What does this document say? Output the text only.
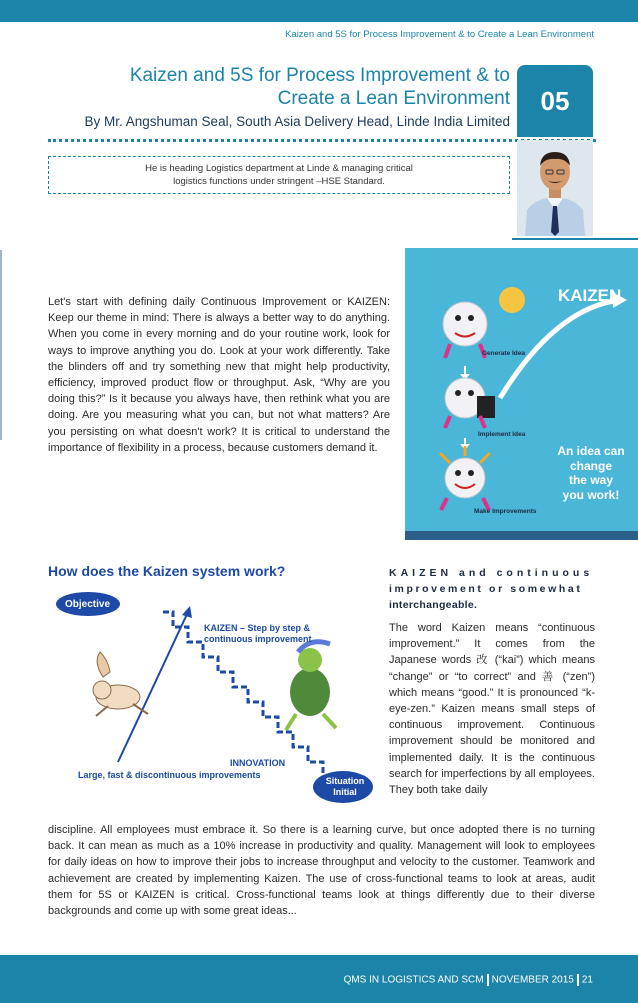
Kaizen and 5S for Process Improvement & to Create a Lean Environment
Kaizen and 5S for Process Improvement & to
Create a Lean Environment
By Mr. Angshuman Seal, South Asia Delivery Head, Linde India Limited
05
He is heading Logistics department at Linde & managing critical
logistics functions under stringent –HSE Standard.

Let's start with defining daily Continuous Improvement or KAIZEN: Keep our theme in mind: There is always a better way to do anything. When you come in every morning and do your routine work, look for ways to improve anything you do. Look at your work differently. Take the blinders off and try something new that might help productivity, efficiency, improved product flow or throughput. Ask, “Why are you doing this?” Is it because you always have, then rethink what you are doing. Are you measuring what you can, but not what matters? Are you persisting on what doesn't work? It is critical to understand the importance of flexibility in a process, because customers demand it.

KAIZEN
Generate Idea
Implement Idea
Make Improvements
An idea can
change
the way
you work!
How does the Kaizen system work?
Objective
KAIZEN – Step by step &
continuous improvement
INNOVATION
Large, fast & discontinuous improvements
Situation
Initial
KAIZEN and continuous
improvement or somewhat
interchangeable.

The word Kaizen means “continuous improvement.” It comes from the Japanese words 改 (“kai”) which means “change” or “to correct” and 善 (“zen”) which means “good.” It is pronounced “k-eye-zen.” Kaizen means small steps of continuous improvement. Continuous improvement should be monitored and implemented daily. It is the continuous search for imperfections by all employees. They both take daily

discipline. All employees must embrace it. So there is a learning curve, but once adopted there is no turning back. It can mean as much as a 10% increase in productivity and quality. Management will look to employees for daily ideas on how to improve their jobs to increase throughput and velocity to the customer. Teamwork and achievement are created by implementing Kaizen. The use of cross-functional teams to look at areas, audit them for 5S or KAIZEN is critical. Cross-functional teams look at things differently due to their diverse backgrounds and come up with some great ideas...

QMS IN LOGISTICS AND SCM NOVEMBER 2015 21
